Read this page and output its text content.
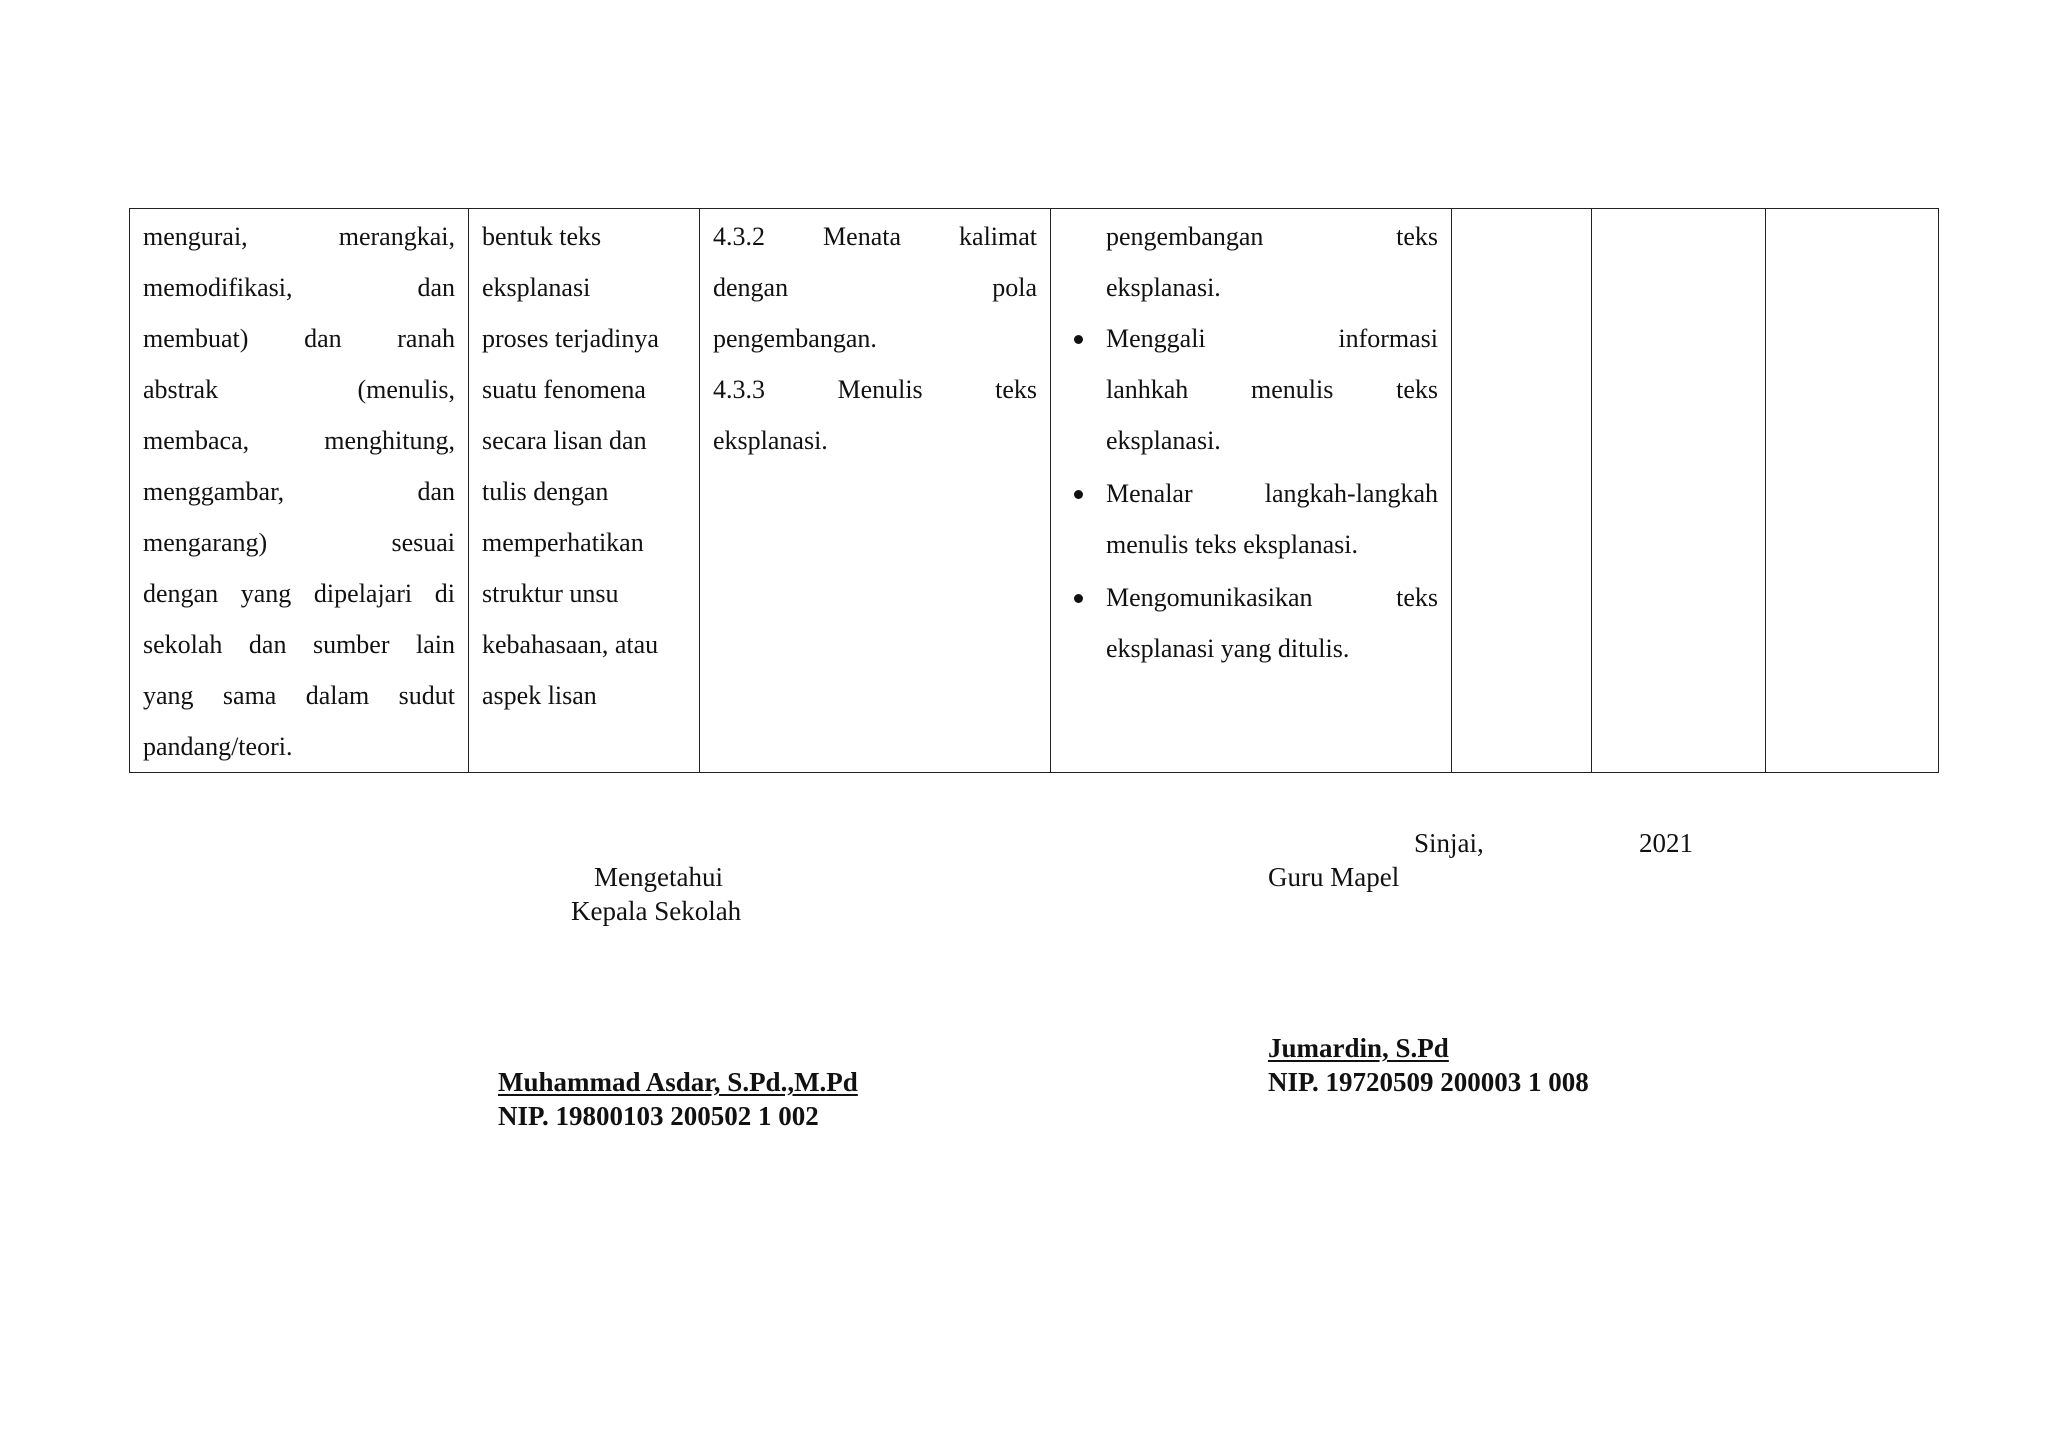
mengurai, merangkai,
memodifikasi, dan
membuat) dan ranah
abstrak (menulis,
membaca, menghitung,
menggambar, dan
mengarang) sesuai
dengan yang dipelajari di
sekolah dan sumber lain
yang sama dalam sudut
pandang/teori.

bentuk teks
eksplanasi
proses terjadinya
suatu fenomena
secara lisan dan
tulis dengan
memperhatikan
struktur unsu
kebahasaan, atau
aspek lisan

4.3.2 Menata kalimat
dengan pola
pengembangan.
4.3.3 Menulis teks
eksplanasi.

pengembangan teks
eksplanasi.
Menggali informasi
lanhkah menulis teks
eksplanasi.
Menalar langkah-langkah
menulis teks eksplanasi.
Mengomunikasikan teks
eksplanasi yang ditulis.

Sinjai,	2021
Mengetahui
Kepala Sekolah
Guru Mapel
Jumardin, S.Pd
NIP. 19720509 200003 1 008
Muhammad Asdar, S.Pd.,M.Pd
NIP. 19800103 200502 1 002
